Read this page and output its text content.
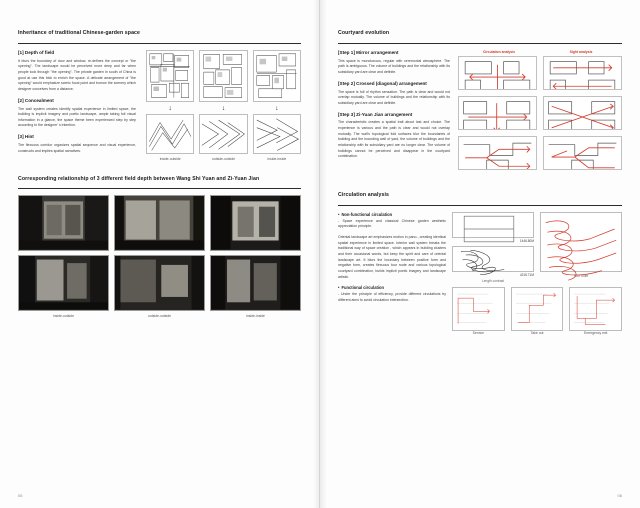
Inheritance of traditional Chinese-garden space
[1] Depth of field
It blurs the boundary of door and window, re-defines the concept or "the opening". The landscape would be perceived more deep and far when people look through "the opening". The private garden in south of China is good at use this trick to enrich the space. A delicate arrangement of "the opening" would emphasize scenic focal point and borrow the scenery which designer conceives from a distance.
[2] Concealment
The wall system creates identify spatial experience in limited space, the building is implicit imagery and poetic landscape, ample taking full visual information in a glance, the space theme been experienced step by step according to the designer' s intention.
[3] Hint
The flexuous corridor organizes spatial sequence and visual experience, constructs and implies spatial narratives.
↓	↓	↓
inside-outside	outside-outside	inside-inside
Corresponding relationship of 3 different field depth between Wang Shi Yuan and Zi-Yuan Jian
inside-outside	outside-outside	inside-inside
05
Courtyard evolution
[Step 1] Mirror arrangement
This space is monotonous, regular with ceremonial atmosphere. The path is ambiguous. The volume of buildings and the relationship with its subsidiary yard are clear and definite.
[Step 2] Crossed (diagonal) arrangement
The space is full of rhythm sensation. The path is clear and would not overlap mutually. The volume of buildings and the relationship with its subsidiary yard are clear and definite.
[Step 3] Zi-Yuan Jian arrangement
The characteristic creates a spatial trait about last and choice. The experience is various and the path is clear and would not overlap mutually. The wall's topological fold surfaces blur the boundaries of building and the bounding wall of yard, the volume of buildings and the relationship with its subsidiary yard are no longer clear. The volume of buildings cannot be perceived and disappear in the courtyard combination.
Circulation analysis	Sight analysis
Circulation analysis
• Non-functional circulation
- Space experience and classical Chinese garden aesthetic appreciation principle.
Oriental landscape art emphasizes motion in pano-, creating identical spatial experience in limited space. Interior wall system breaks the traditional way of space creation , which appears in building clusters and their occasional words, but keep the spirit and care of oriental landscape art. It blurs the boundary between positive form and negative form, creates flexuous tour route and various topological courtyard combination, builds implicit poetic imagery and landscape artistic.
• Functional circulation
- Under the principle of efficiency, provide different circulations by different aims to avoid circulation intersection.
1446.80M
4215.71M
Length contrast
Tour route
Service	Take out	Emergency exit
06
